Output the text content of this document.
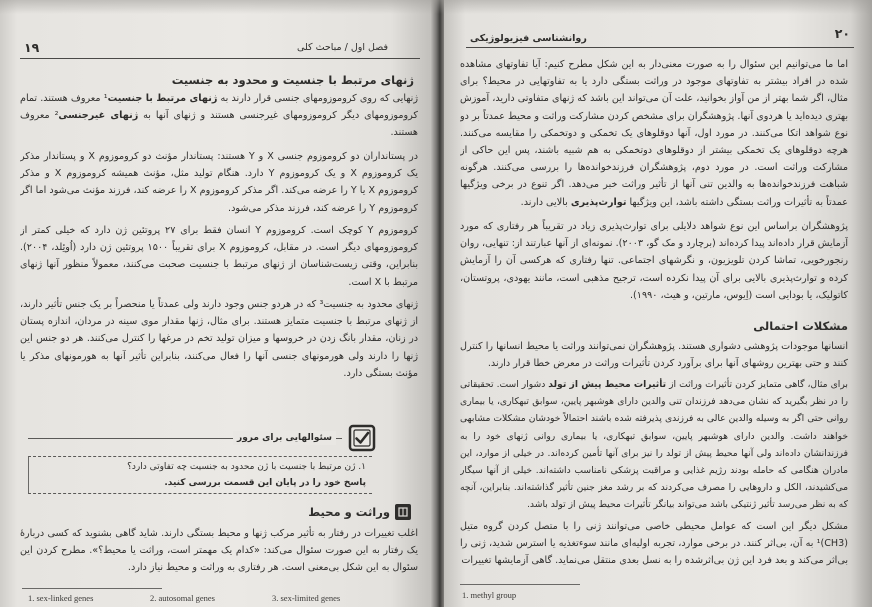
۱۹	فصل اول / مباحث کلی
ژنهای مرتبط با جنسیت و محدود به جنسیت
ژنهایی که روی کروموزومهای جنسی قرار دارند به ژنهای مرتبط با جنسیت¹ معروف هستند. تمام کروموزومهای دیگر کروموزومهای غیرجنسی هستند و ژنهای آنها به ژنهای غیرجنسی² معروف هستند.
در پستانداران دو کروموزوم جنسی X و Y هستند: پستاندار مؤنث دو کروموزوم X و پستاندار مذکر یک کروموزوم X و یک کروموزوم Y دارد. هنگام تولید مثل، مؤنث همیشه کروموزوم X و مذکر کروموزوم X یا Y را عرضه می‌کند. اگر مذکر کروموزوم X را عرضه کند، فرزند مؤنث می‌شود اما اگر کروموزوم Y را عرضه کند، فرزند مذکر می‌شود.
کروموزوم Y کوچک است. کروموزوم Y انسان فقط برای ۲۷ پروتئین ژن دارد که خیلی کمتر از کروموزومهای دیگر است. در مقابل، کروموزوم X برای تقریباً ۱۵۰۰ پروتئین ژن دارد (اُوئِلد، ۲۰۰۴). بنابراین، وقتی زیست‌شناسان از ژنهای مرتبط با جنسیت صحبت می‌کنند، معمولاً منظور آنها ژنهای مرتبط با X است.
ژنهای محدود به جنسیت³ که در هردو جنس وجود دارند ولی عمدتاً یا منحصراً بر یک جنس تأثیر دارند، از ژنهای مرتبط با جنسیت متمایز هستند. برای مثال، ژنها مقدار موی سینه در مردان، اندازه پستان در زنان، مقدار بانگ زدن در خروسها و میزان تولید تخم در مرغها را کنترل می‌کنند. هر دو جنس این ژنها را دارند ولی هورمونهای جنسی آنها را فعال می‌کنند، بنابراین تأثیر آنها به هورمونهای مذکر یا مؤنث بستگی دارد.
سئوالهایی برای مرور
۱. ژن مرتبط با جنسیت با ژن محدود به جنسیت چه تفاوتی دارد؟
پاسخ خود را در پایان این قسمت بررسی کنید.
وراثت و محیط
اغلب تغییرات در رفتار به تأثیر مرکب ژنها و محیط بستگی دارند. شاید گاهی بشنوید که کسی دربارهٔ یک رفتار به این صورت سئوال می‌کند: «کدام یک مهمتر است، وراثت یا محیط؟». مطرح کردن این سئوال به این شکل بی‌معنی است. هر رفتاری به وراثت و محیط نیاز دارد.
1. sex-linked genes	2. autosomal genes	3. sex-limited genes
روانشناسی فیزیولوژیکی	۲۰
اما ما می‌توانیم این سئوال را به صورت معنی‌دار به این شکل مطرح کنیم: آیا تفاوتهای مشاهده شده در افراد بیشتر به تفاوتهای موجود در وراثت بستگی دارد یا به تفاوتهایی در محیط؟ برای مثال، اگر شما بهتر از من آواز بخوانید، علت آن می‌تواند این باشد که ژنهای متفاوتی دارید، آموزش بهتری دیده‌اید یا هردوی آنها. پژوهشگران برای مشخص کردن مشارکت وراثت و محیط عمدتاً بر دو نوع شواهد اتکا می‌کنند. در مورد اول، آنها دوقلوهای یک تخمکی و دوتخمکی را مقایسه می‌کنند. هرچه دوقلوهای یک تخمکی بیشتر از دوقلوهای دوتخمکی به هم شبیه باشند، پس این حاکی از مشارکت وراثت است. در مورد دوم، پژوهشگران فرزندخوانده‌ها را بررسی می‌کنند. هرگونه شباهت فرزندخوانده‌ها به والدین تنی آنها از تأثیر وراثت خبر می‌دهد. اگر تنوع در برخی ویژگیها عمدتاً به تأثیرات وراثت بستگی داشته باشد، این ویژگیها توارث‌پذیری بالایی دارند.
پژوهشگران براساس این نوع شواهد دلایلی برای توارث‌پذیری زیاد در تقریباً هر رفتاری که مورد آزمایش قرار داده‌اند پیدا کرده‌اند (برچارد و مک گو، ۲۰۰۳). نمونه‌ای از آنها عبارتند از: تنهایی، روان رنجورخویی، تماشا کردن تلویزیون، و نگرشهای اجتماعی. تنها رفتاری که هرکسی آن را آزمایش کرده و توارث‌پذیری بالایی برای آن پیدا نکرده است، ترجیح مذهبی است، مانند یهودی، پروتستان، کاتولیک، یا بودایی است (اِیوس، مارتین، و هیث، ۱۹۹۰).
مشکلات احتمالی
انسانها موجودات پژوهشی دشواری هستند. پژوهشگران نمی‌توانند وراثت یا محیط انسانها را کنترل کنند و حتی بهترین روشهای آنها برای برآورد کردن تأثیرات وراثت در معرض خطا قرار دارند.
برای مثال، گاهی متمایز کردن تأثیرات وراثت از تأثیرات محیط پیش از تولد دشوار است. تحقیقاتی را در نظر بگیرید که نشان می‌دهد فرزندان تنی والدین دارای هوشبهر پایین، سوابق تبهکاری، یا بیماری روانی حتی اگر به وسیله والدین عالی به فرزندی پذیرفته شده باشند احتمالاً خودشان مشکلات مشابهی خواهند داشت. والدین دارای هوشبهر پایین، سوابق تبهکاری، یا بیماری روانی ژنهای خود را به فرزندانشان داده‌اند ولی آنها محیط پیش از تولد را نیز برای آنها تأمین کرده‌اند. در خیلی از موارد، این مادران هنگامی که حامله بودند رژیم غذایی و مراقبت پزشکی نامناسب داشته‌اند. خیلی از آنها سیگار می‌کشیدند، الکل و داروهایی را مصرف می‌کردند که بر رشد مغز جنین تأثیر گذاشته‌اند. بنابراین، آنچه که به نظر می‌رسد تأثیر ژنتیکی باشد می‌تواند بیانگر تأثیرات محیط پیش از تولد باشد.
مشکل دیگر این است که عوامل محیطی خاصی می‌توانند ژنی را با متصل کردن گروه متیل (CH3)¹ به آن، بی‌اثر کنند. در برخی موارد، تجربه اولیه‌ای مانند سوءتغذیه یا استرس شدید، ژنی را بی‌اثر می‌کند و بعد فرد این ژن بی‌اثرشده را به نسل بعدی منتقل می‌نماید. گاهی آزمایشها تغییرات
1. methyl group
